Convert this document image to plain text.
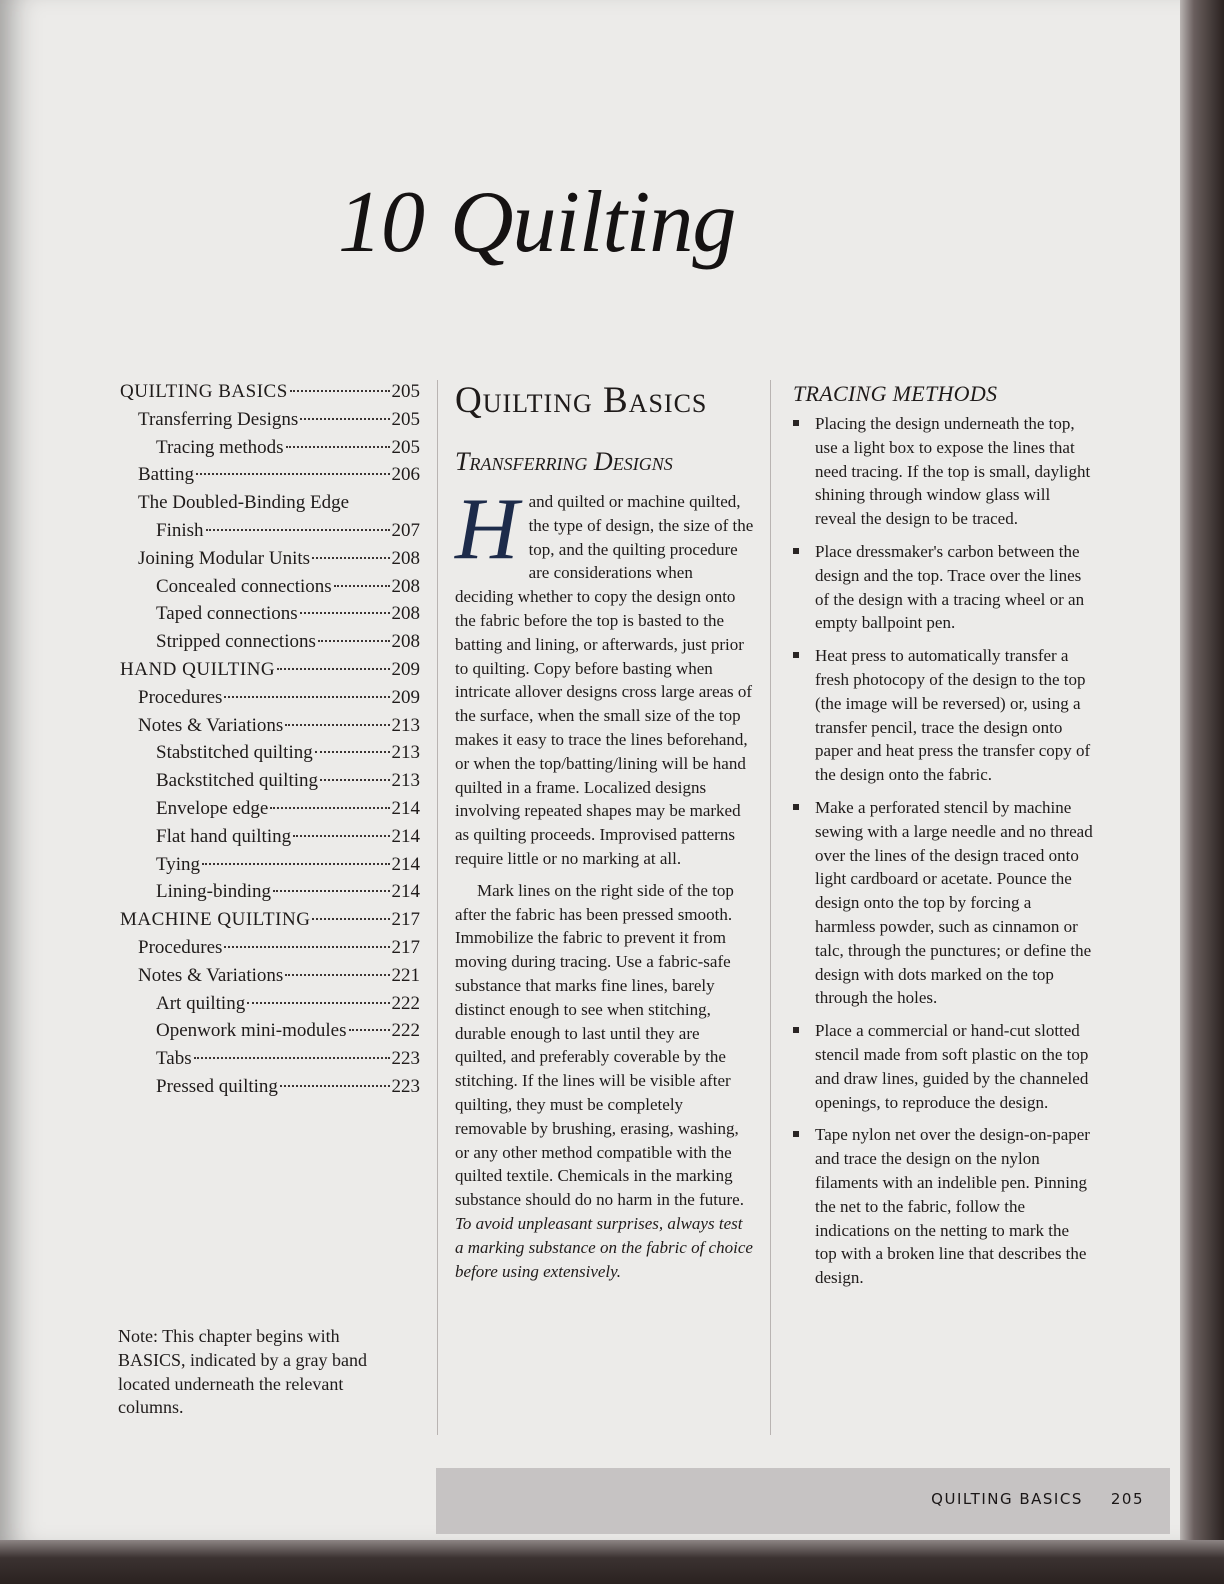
10 Quilting
QUILTING BASICS	205
Transferring Designs	205
Tracing methods	205
Batting	206
The Doubled-Binding Edge
Finish	207
Joining Modular Units	208
Concealed connections	208
Taped connections	208
Stripped connections	208
HAND QUILTING	209
Procedures	209
Notes & Variations	213
Stabstitched quilting	213
Backstitched quilting	213
Envelope edge	214
Flat hand quilting	214
Tying	214
Lining-binding	214
MACHINE QUILTING	217
Procedures	217
Notes & Variations	221
Art quilting	222
Openwork mini-modules 222
Tabs	223
Pressed quilting	223
Note: This chapter begins with BASICS, indicated by a gray band located underneath the relevant columns.
Quilting Basics
Transferring Designs

Hand quilted or machine quilted, the type of design, the size of the top, and the quilting procedure are considerations when deciding whether to copy the design onto the fabric before the top is basted to the batting and lining, or afterwards, just prior to quilting. Copy before basting when intricate allover designs cross large areas of the surface, when the small size of the top makes it easy to trace the lines beforehand, or when the top/batting/lining will be hand quilted in a frame. Localized designs involving repeated shapes may be marked as quilting proceeds. Improvised patterns require little or no marking at all.

Mark lines on the right side of the top after the fabric has been pressed smooth. Immobilize the fabric to prevent it from moving during tracing. Use a fabric-safe substance that marks fine lines, barely distinct enough to see when stitching, durable enough to last until they are quilted, and preferably coverable by the stitching. If the lines will be visible after quilting, they must be completely removable by brushing, erasing, washing, or any other method compatible with the quilted textile. Chemicals in the marking substance should do no harm in the future. To avoid unpleasant surprises, always test a marking substance on the fabric of choice before using extensively.

TRACING METHODS
Placing the design underneath the top, use a light box to expose the lines that need tracing. If the top is small, daylight shining through window glass will reveal the design to be traced.
Place dressmaker's carbon between the design and the top. Trace over the lines of the design with a tracing wheel or an empty ballpoint pen.
Heat press to automatically transfer a fresh photocopy of the design to the top (the image will be reversed) or, using a transfer pencil, trace the design onto paper and heat press the transfer copy of the design onto the fabric.
Make a perforated stencil by machine sewing with a large needle and no thread over the lines of the design traced onto light cardboard or acetate. Pounce the design onto the top by forcing a harmless powder, such as cinnamon or talc, through the punctures; or define the design with dots marked on the top through the holes.
Place a commercial or hand-cut slotted stencil made from soft plastic on the top and draw lines, guided by the channeled openings, to reproduce the design.
Tape nylon net over the design-on-paper and trace the design on the nylon filaments with an indelible pen. Pinning the net to the fabric, follow the indications on the netting to mark the top with a broken line that describes the design.
QUILTING BASICS 205
